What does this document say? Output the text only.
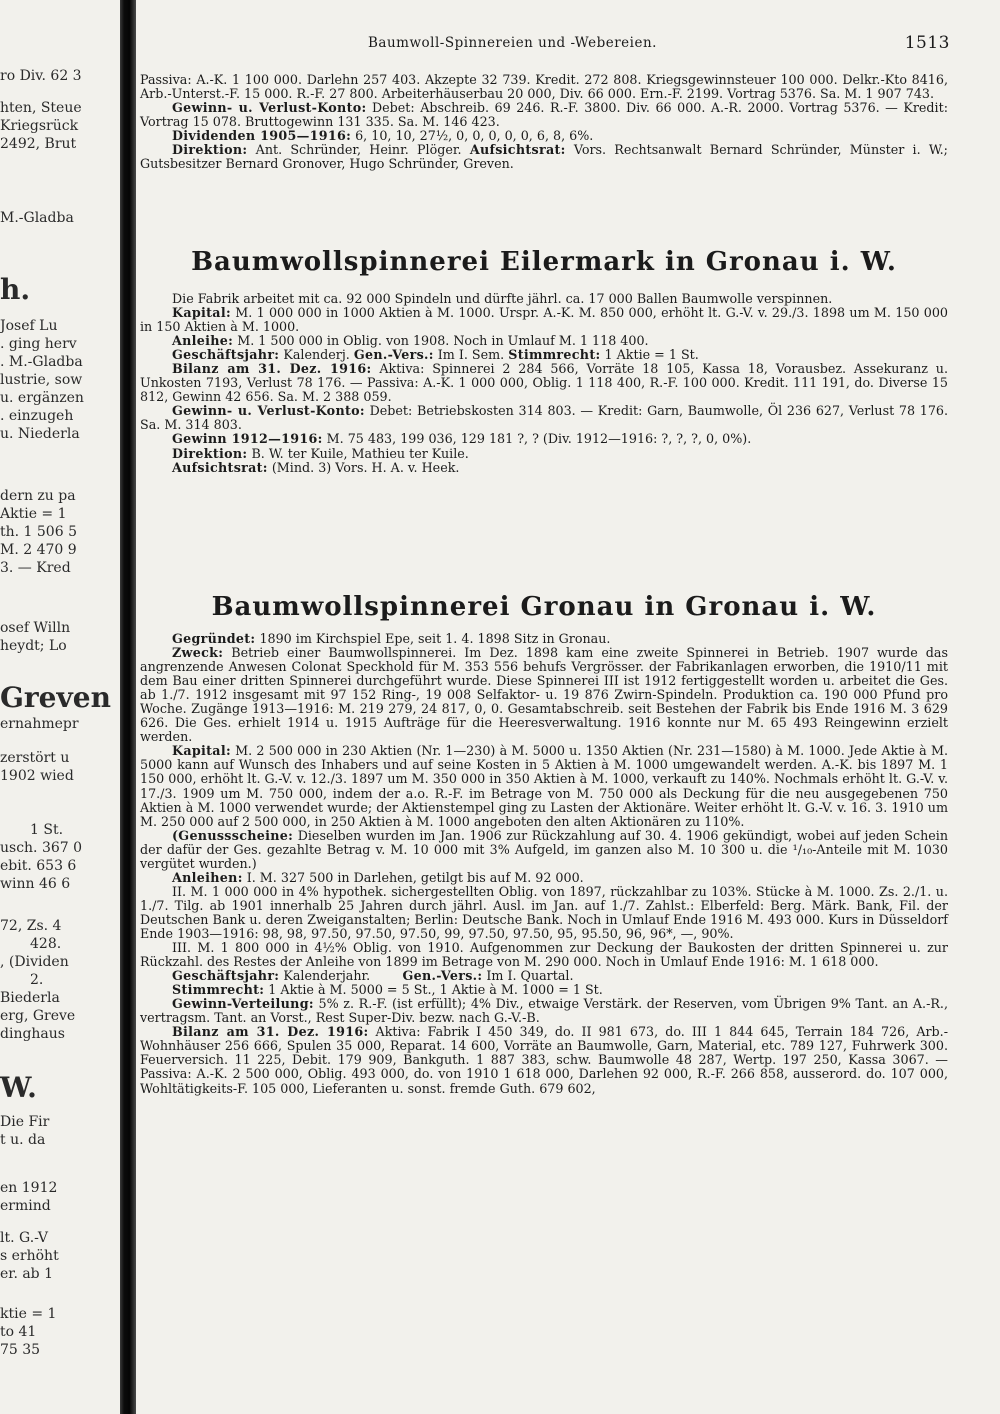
ro Div. 62 3
hten, Steue
Kriegsrück
2492, Brut
M.-Gladba
h.
Josef Lu
. ging herv
. M.-Gladba
lustrie, sow
u. ergänzen
. einzugeh
u. Niederla
dern zu pa
Aktie = 1
th. 1 506 5
M. 2 470 9
3. — Kred
osef Willn
heydt; Lo
Greven
ernahmepr
zerstört u
1902 wied
1 St.
usch. 367 0
ebit. 653 6
winn 46 6
72, Zs. 4
428.
, (Dividen
2.
Biederla
erg, Greve
dinghaus
W.
Die Fir
t u. da
en 1912
ermind
lt. G.-V
s erhöht
er. ab 1
ktie = 1
to 41
75 35
Baumwoll-Spinnereien und -Webereien.	1513

Passiva: A.-K. 1 100 000. Darlehn 257 403. Akzepte 32 739. Kredit. 272 808. Kriegsgewinnsteuer 100 000. Delkr.-Kto 8416, Arb.-Unterst.-F. 15 000. R.-F. 27 800. Arbeiterhäuserbau 20 000, Div. 66 000. Ern.-F. 2199. Vortrag 5376. Sa. M. 1 907 743.

Gewinn- u. Verlust-Konto: Debet: Abschreib. 69 246. R.-F. 3800. Div. 66 000. A.-R. 2000. Vortrag 5376. — Kredit: Vortrag 15 078. Bruttogewinn 131 335. Sa. M. 146 423.

Dividenden 1905—1916: 6, 10, 10, 27½, 0, 0, 0, 0, 0, 6, 8, 6%.

Direktion: Ant. Schründer, Heinr. Plöger. Aufsichtsrat: Vors. Rechtsanwalt Bernard Schründer, Münster i. W.; Gutsbesitzer Bernard Gronover, Hugo Schründer, Greven.

Baumwollspinnerei Eilermark in Gronau i. W.

Die Fabrik arbeitet mit ca. 92 000 Spindeln und dürfte jährl. ca. 17 000 Ballen Baumwolle verspinnen.

Kapital: M. 1 000 000 in 1000 Aktien à M. 1000. Urspr. A.-K. M. 850 000, erhöht lt. G.-V. v. 29./3. 1898 um M. 150 000 in 150 Aktien à M. 1000.

Anleihe: M. 1 500 000 in Oblig. von 1908. Noch in Umlauf M. 1 118 400.

Geschäftsjahr: Kalenderj. Gen.-Vers.: Im I. Sem. Stimmrecht: 1 Aktie = 1 St.

Bilanz am 31. Dez. 1916: Aktiva: Spinnerei 2 284 566, Vorräte 18 105, Kassa 18, Vorausbez. Assekuranz u. Unkosten 7193, Verlust 78 176. — Passiva: A.-K. 1 000 000, Oblig. 1 118 400, R.-F. 100 000. Kredit. 111 191, do. Diverse 15 812, Gewinn 42 656. Sa. M. 2 388 059.

Gewinn- u. Verlust-Konto: Debet: Betriebskosten 314 803. — Kredit: Garn, Baumwolle, Öl 236 627, Verlust 78 176. Sa. M. 314 803.

Gewinn 1912—1916: M. 75 483, 199 036, 129 181 ?, ? (Div. 1912—1916: ?, ?, ?, 0, 0%).

Direktion: B. W. ter Kuile, Mathieu ter Kuile.

Aufsichtsrat: (Mind. 3) Vors. H. A. v. Heek.

Baumwollspinnerei Gronau in Gronau i. W.

Gegründet: 1890 im Kirchspiel Epe, seit 1. 4. 1898 Sitz in Gronau.

Zweck: Betrieb einer Baumwollspinnerei. Im Dez. 1898 kam eine zweite Spinnerei in Betrieb. 1907 wurde das angrenzende Anwesen Colonat Speckhold für M. 353 556 behufs Vergrösser. der Fabrikanlagen erworben, die 1910/11 mit dem Bau einer dritten Spinnerei durchgeführt wurde. Diese Spinnerei III ist 1912 fertiggestellt worden u. arbeitet die Ges. ab 1./7. 1912 insgesamt mit 97 152 Ring-, 19 008 Selfaktor- u. 19 876 Zwirn-Spindeln. Produktion ca. 190 000 Pfund pro Woche. Zugänge 1913—1916: M. 219 279, 24 817, 0, 0. Gesamtabschreib. seit Bestehen der Fabrik bis Ende 1916 M. 3 629 626. Die Ges. erhielt 1914 u. 1915 Aufträge für die Heeresverwaltung. 1916 konnte nur M. 65 493 Reingewinn erzielt werden.

Kapital: M. 2 500 000 in 230 Aktien (Nr. 1—230) à M. 5000 u. 1350 Aktien (Nr. 231—1580) à M. 1000. Jede Aktie à M. 5000 kann auf Wunsch des Inhabers und auf seine Kosten in 5 Aktien à M. 1000 umgewandelt werden. A.-K. bis 1897 M. 1 150 000, erhöht lt. G.-V. v. 12./3. 1897 um M. 350 000 in 350 Aktien à M. 1000, verkauft zu 140%. Nochmals erhöht lt. G.-V. v. 17./3. 1909 um M. 750 000, indem der a.o. R.-F. im Betrage von M. 750 000 als Deckung für die neu ausgegebenen 750 Aktien à M. 1000 verwendet wurde; der Aktienstempel ging zu Lasten der Aktionäre. Weiter erhöht lt. G.-V. v. 16. 3. 1910 um M. 250 000 auf 2 500 000, in 250 Aktien à M. 1000 angeboten den alten Aktionären zu 110%.

(Genussscheine: Dieselben wurden im Jan. 1906 zur Rückzahlung auf 30. 4. 1906 gekündigt, wobei auf jeden Schein der dafür der Ges. gezahlte Betrag v. M. 10 000 mit 3% Aufgeld, im ganzen also M. 10 300 u. die ¹/₁₀-Anteile mit M. 1030 vergütet wurden.)

Anleihen: I. M. 327 500 in Darlehen, getilgt bis auf M. 92 000.

II. M. 1 000 000 in 4% hypothek. sichergestellten Oblig. von 1897, rückzahlbar zu 103%. Stücke à M. 1000. Zs. 2./1. u. 1./7. Tilg. ab 1901 innerhalb 25 Jahren durch jährl. Ausl. im Jan. auf 1./7. Zahlst.: Elberfeld: Berg. Märk. Bank, Fil. der Deutschen Bank u. deren Zweiganstalten; Berlin: Deutsche Bank. Noch in Umlauf Ende 1916 M. 493 000. Kurs in Düsseldorf Ende 1903—1916: 98, 98, 97.50, 97.50, 97.50, 99, 97.50, 97.50, 95, 95.50, 96, 96*, —, 90%.

III. M. 1 800 000 in 4½% Oblig. von 1910. Aufgenommen zur Deckung der Baukosten der dritten Spinnerei u. zur Rückzahl. des Restes der Anleihe von 1899 im Betrage von M. 290 000. Noch in Umlauf Ende 1916: M. 1 618 000.

Geschäftsjahr: Kalenderjahr.	Gen.-Vers.: Im I. Quartal.

Stimmrecht: 1 Aktie à M. 5000 = 5 St., 1 Aktie à M. 1000 = 1 St.

Gewinn-Verteilung: 5% z. R.-F. (ist erfüllt); 4% Div., etwaige Verstärk. der Reserven, vom Übrigen 9% Tant. an A.-R., vertragsm. Tant. an Vorst., Rest Super-Div. bezw. nach G.-V.-B.

Bilanz am 31. Dez. 1916: Aktiva: Fabrik I 450 349, do. II 981 673, do. III 1 844 645, Terrain 184 726, Arb.-Wohnhäuser 256 666, Spulen 35 000, Reparat. 14 600, Vorräte an Baumwolle, Garn, Material, etc. 789 127, Fuhrwerk 300. Feuerversich. 11 225, Debit. 179 909, Bankguth. 1 887 383, schw. Baumwolle 48 287, Wertp. 197 250, Kassa 3067. — Passiva: A.-K. 2 500 000, Oblig. 493 000, do. von 1910 1 618 000, Darlehen 92 000, R.-F. 266 858, ausserord. do. 107 000, Wohltätigkeits-F. 105 000, Lieferanten u. sonst. fremde Guth. 679 602,
